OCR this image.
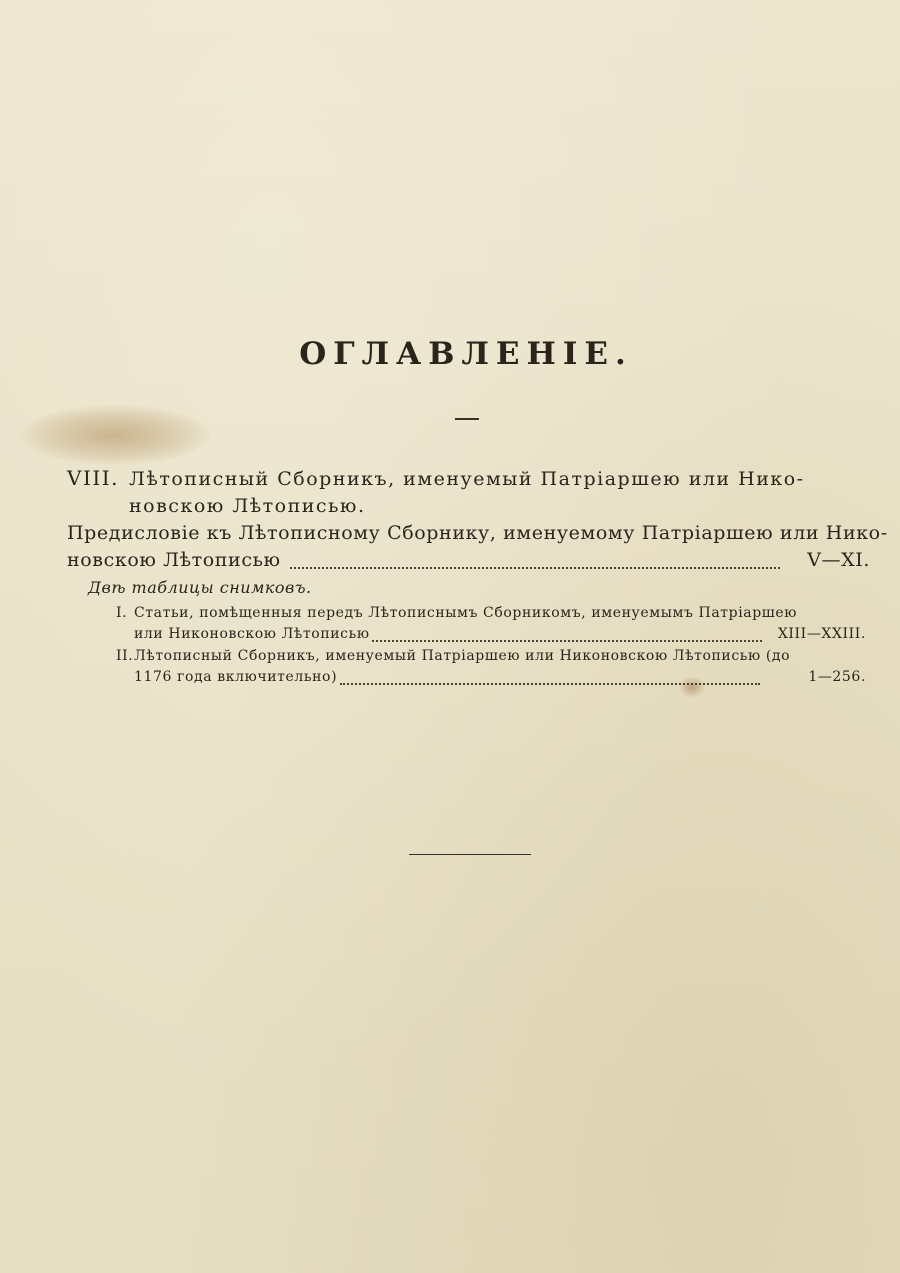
ОГЛАВЛЕНІЕ.
VIII. Лѣтописный Сборникъ, именуемый Патріаршею или Нико-
новскою Лѣтописью.
Предисловіе къ Лѣтописному Сборнику, именуемому Патріаршею или Нико-
новскою Лѣтописью	V—XI.
Двѣ таблицы снимковъ.
I. Статьи, помѣщенныя передъ Лѣтописнымъ Сборникомъ, именуемымъ Патріаршею
или Никоновскою Лѣтописью	XIII—XXIII.
II.Лѣтописный Сборникъ, именуемый Патріаршею или Никоновскою Лѣтописью (до
1176 года включительно)	1—256.
